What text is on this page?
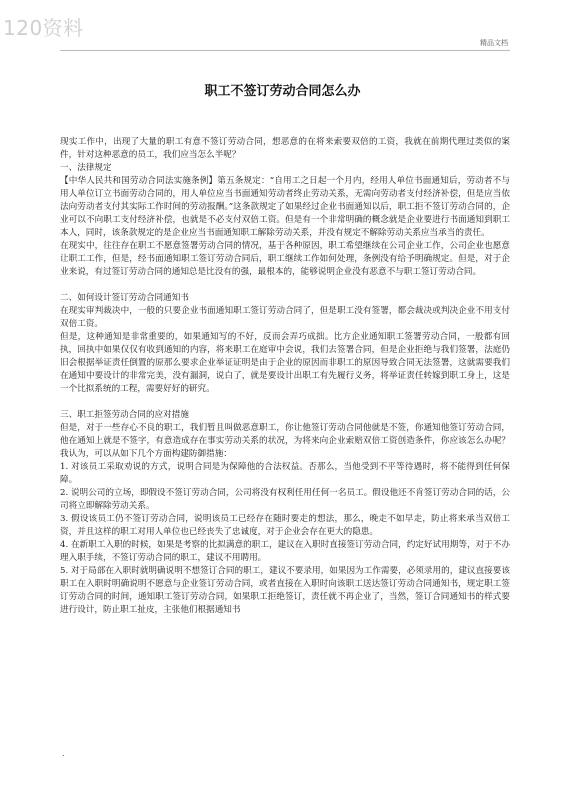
120资料
精品文档
职工不签订劳动合同怎么办

现实工作中，出现了大量的职工有意不签订劳动合同，想恶意的在将来索要双倍的工资，我就在前期代理过类似的案件，针对这种恶意的员工，我们应当怎么半呢？

一、法律规定

【中华人民共和国劳动合同法实施条例】第五条规定：“自用工之日起一个月内，经用人单位书面通知后，劳动者不与用人单位订立书面劳动合同的，用人单位应当书面通知劳动者终止劳动关系，无需向劳动者支付经济补偿，但是应当依法向劳动者支付其实际工作时间的劳动报酬。”这条款规定了如果经过企业书面通知以后，职工拒不签订劳动合同的，企业可以不向职工支付经济补偿，也就是不必支付双倍工资。但是有一个非常明确的概念就是企业要进行书面通知到职工本人，同时，该条款规定的是企业应当书面通知职工解除劳动关系，并没有规定不解除劳动关系应当承当的责任。

在现实中，往往存在职工不愿意签署劳动合同的情况，基于各种原因，职工希望继续在公司企业工作，公司企业也愿意让职工工作，但是，经书面通知职工签订劳动合同后，职工继续工作如何处理，条例没有给予明确规定。但是，对于企业来说，有过签订劳动合同的通知总是比没有的强，最根本的，能够说明企业没有恶意不与职工签订劳动合同。

二、如何设计签订劳动合同通知书

在现实审判裁决中，一般的只要企业书面通知职工签订劳动合同了，但是职工没有签署，都会裁决或判决企业不用支付双倍工资。

但是，这种通知是非常重要的，如果通知写的不好，反而会弄巧成拙。比方企业通知职工签署劳动合同，一般都有回执，回执中如果仅仅有收到通知的内容，将来职工在庭审中会说，我们去签署合同，但是企业拒绝与我们签署，法庭仍旧会根据举证责任倒置的原那么要求企业举证证明是由于企业的原因而非职工的原因导致合同无法签署，这就需要我们在通知中要设计的非常完美，没有漏洞，说白了，就是要设计出职工有先履行义务，将举证责任转嫁到职工身上，这是一个比拟系统的工程，需要好好的研究。

三、职工拒签劳动合同的应对措施

但是，对于一些存心不良的职工，我们暂且叫做恶意职工，你让他签订劳动合同他就是不签，你通知他签订劳动合同，他在通知上就是不签字，有意造成存在事实劳动关系的状况，为将来向企业索赔双倍工资创造条件，你应该怎么办呢？我认为，可以从如下几个方面构建防御措施：

1. 对该员工采取劝说的方式，说明合同是为保障他的合法权益。否那么，当他受到不平等待遇时，将不能得到任何保障。

2. 说明公司的立场，即假设不签订劳动合同，公司将没有权利任用任何一名员工。假设他还不肯签订劳动合同的话，公司将立即解除劳动关系。

3. 假设该员工仍不签订劳动合同，说明该员工已经存在随时要走的想法，那么，晚走不如早走，防止将来承当双倍工资，并且这样的职工对用人单位也已经丧失了忠诚度，对于企业会存在更大的隐患。

4. 在新职工入职的时候，如果是考察的比拟满意的职工，建议在入职时直接签订劳动合同，约定好试用期等，对于不办理入职手续，不签订劳动合同的职工，建议不用聘用。

5. 对于局部在入职时就明确说明不想签订合同的职工，建议不要录用，如果因为工作需要，必须录用的，建议直接要该职工在入职时明确说明不愿意与企业签订劳动合同，或者直接在入职时向该职工送达签订劳动合同通知书，规定职工签订劳动合同的时间，通知职工签订劳动合同，如果职工拒绝签订，责任就不再企业了，当然，签订合同通知书的样式要进行设计，防止职工扯皮，主张他们根据通知书

.
